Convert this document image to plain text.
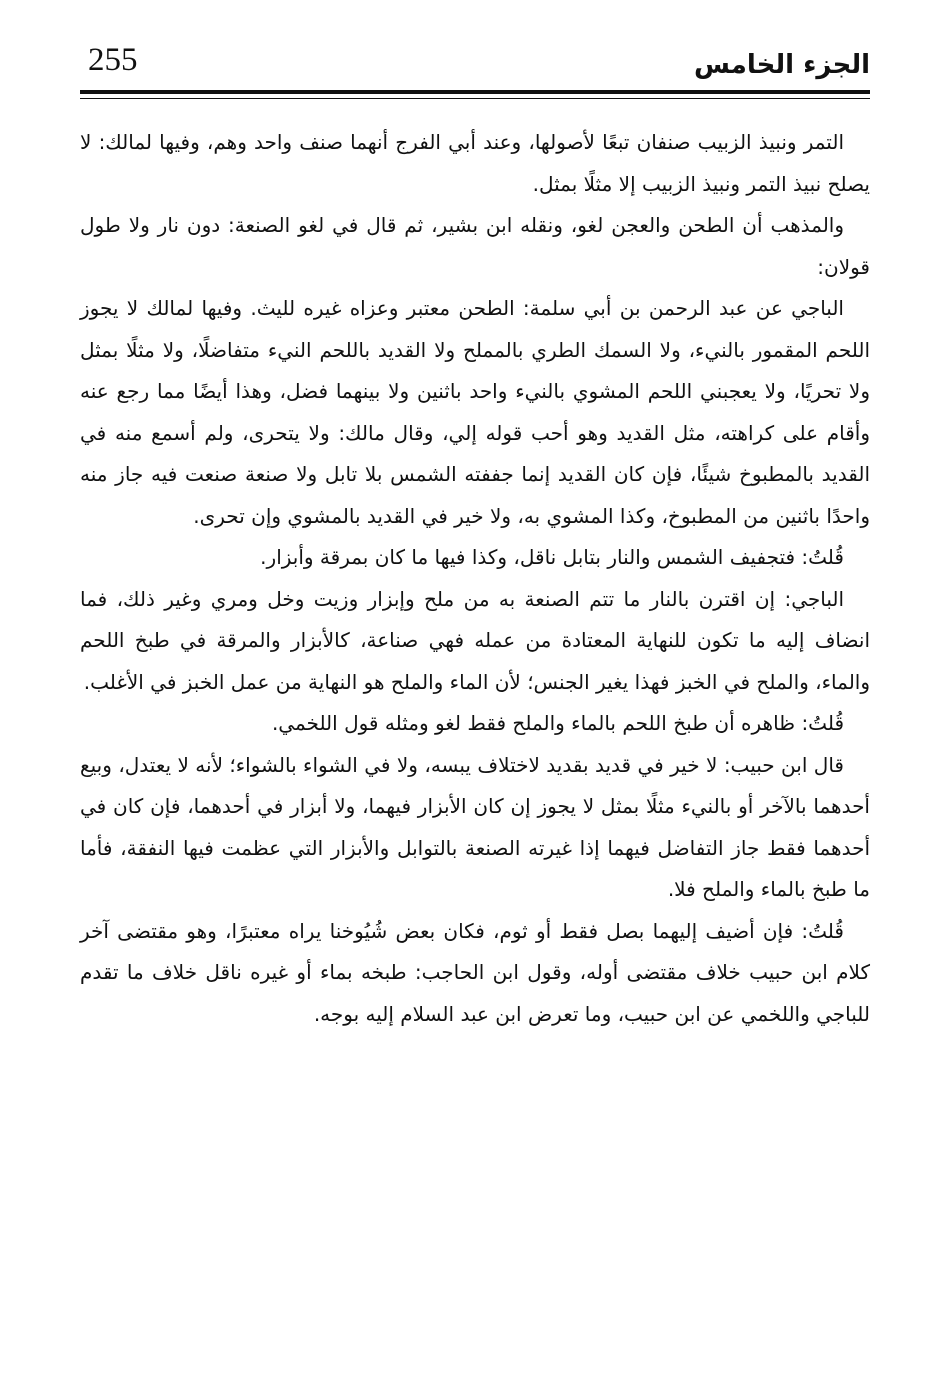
255	الجزء الخامس

التمر ونبيذ الزبيب صنفان تبعًا لأصولها، وعند أبي الفرج أنهما صنف واحد وهم، وفيها لمالك: لا يصلح نبيذ التمر ونبيذ الزبيب إلا مثلًا بمثل.

والمذهب أن الطحن والعجن لغو، ونقله ابن بشير، ثم قال في لغو الصنعة: دون نار ولا طول قولان:

الباجي عن عبد الرحمن بن أبي سلمة: الطحن معتبر وعزاه غيره لليث. وفيها لمالك لا يجوز اللحم المقمور بالنيء، ولا السمك الطري بالمملح ولا القديد باللحم النيء متفاضلًا، ولا مثلًا بمثل ولا تحريًا، ولا يعجبني اللحم المشوي بالنيء واحد باثنين ولا بينهما فضل، وهذا أيضًا مما رجع عنه وأقام على كراهته، مثل القديد وهو أحب قوله إلي، وقال مالك: ولا يتحرى، ولم أسمع منه في القديد بالمطبوخ شيئًا، فإن كان القديد إنما جففته الشمس بلا تابل ولا صنعة صنعت فيه جاز منه واحدًا باثنين من المطبوخ، وكذا المشوي به، ولا خير في القديد بالمشوي وإن تحرى.

قُلتُ: فتجفيف الشمس والنار بتابل ناقل، وكذا فيها ما كان بمرقة وأبزار.

الباجي: إن اقترن بالنار ما تتم الصنعة به من ملح وإبزار وزيت وخل ومري وغير ذلك، فما انضاف إليه ما تكون للنهاية المعتادة من عمله فهي صناعة، كالأبزار والمرقة في طبخ اللحم والماء، والملح في الخبز فهذا يغير الجنس؛ لأن الماء والملح هو النهاية من عمل الخبز في الأغلب.

قُلتُ: ظاهره أن طبخ اللحم بالماء والملح فقط لغو ومثله قول اللخمي.

قال ابن حبيب: لا خير في قديد بقديد لاختلاف يبسه، ولا في الشواء بالشواء؛ لأنه لا يعتدل، وبيع أحدهما بالآخر أو بالنيء مثلًا بمثل لا يجوز إن كان الأبزار فيهما، ولا أبزار في أحدهما، فإن كان في أحدهما فقط جاز التفاضل فيهما إذا غيرته الصنعة بالتوابل والأبزار التي عظمت فيها النفقة، فأما ما طبخ بالماء والملح فلا.

قُلتُ: فإن أضيف إليهما بصل فقط أو ثوم، فكان بعض شُيُوخنا يراه معتبرًا، وهو مقتضى آخر كلام ابن حبيب خلاف مقتضى أوله، وقول ابن الحاجب: طبخه بماء أو غيره ناقل خلاف ما تقدم للباجي واللخمي عن ابن حبيب، وما تعرض ابن عبد السلام إليه بوجه.
